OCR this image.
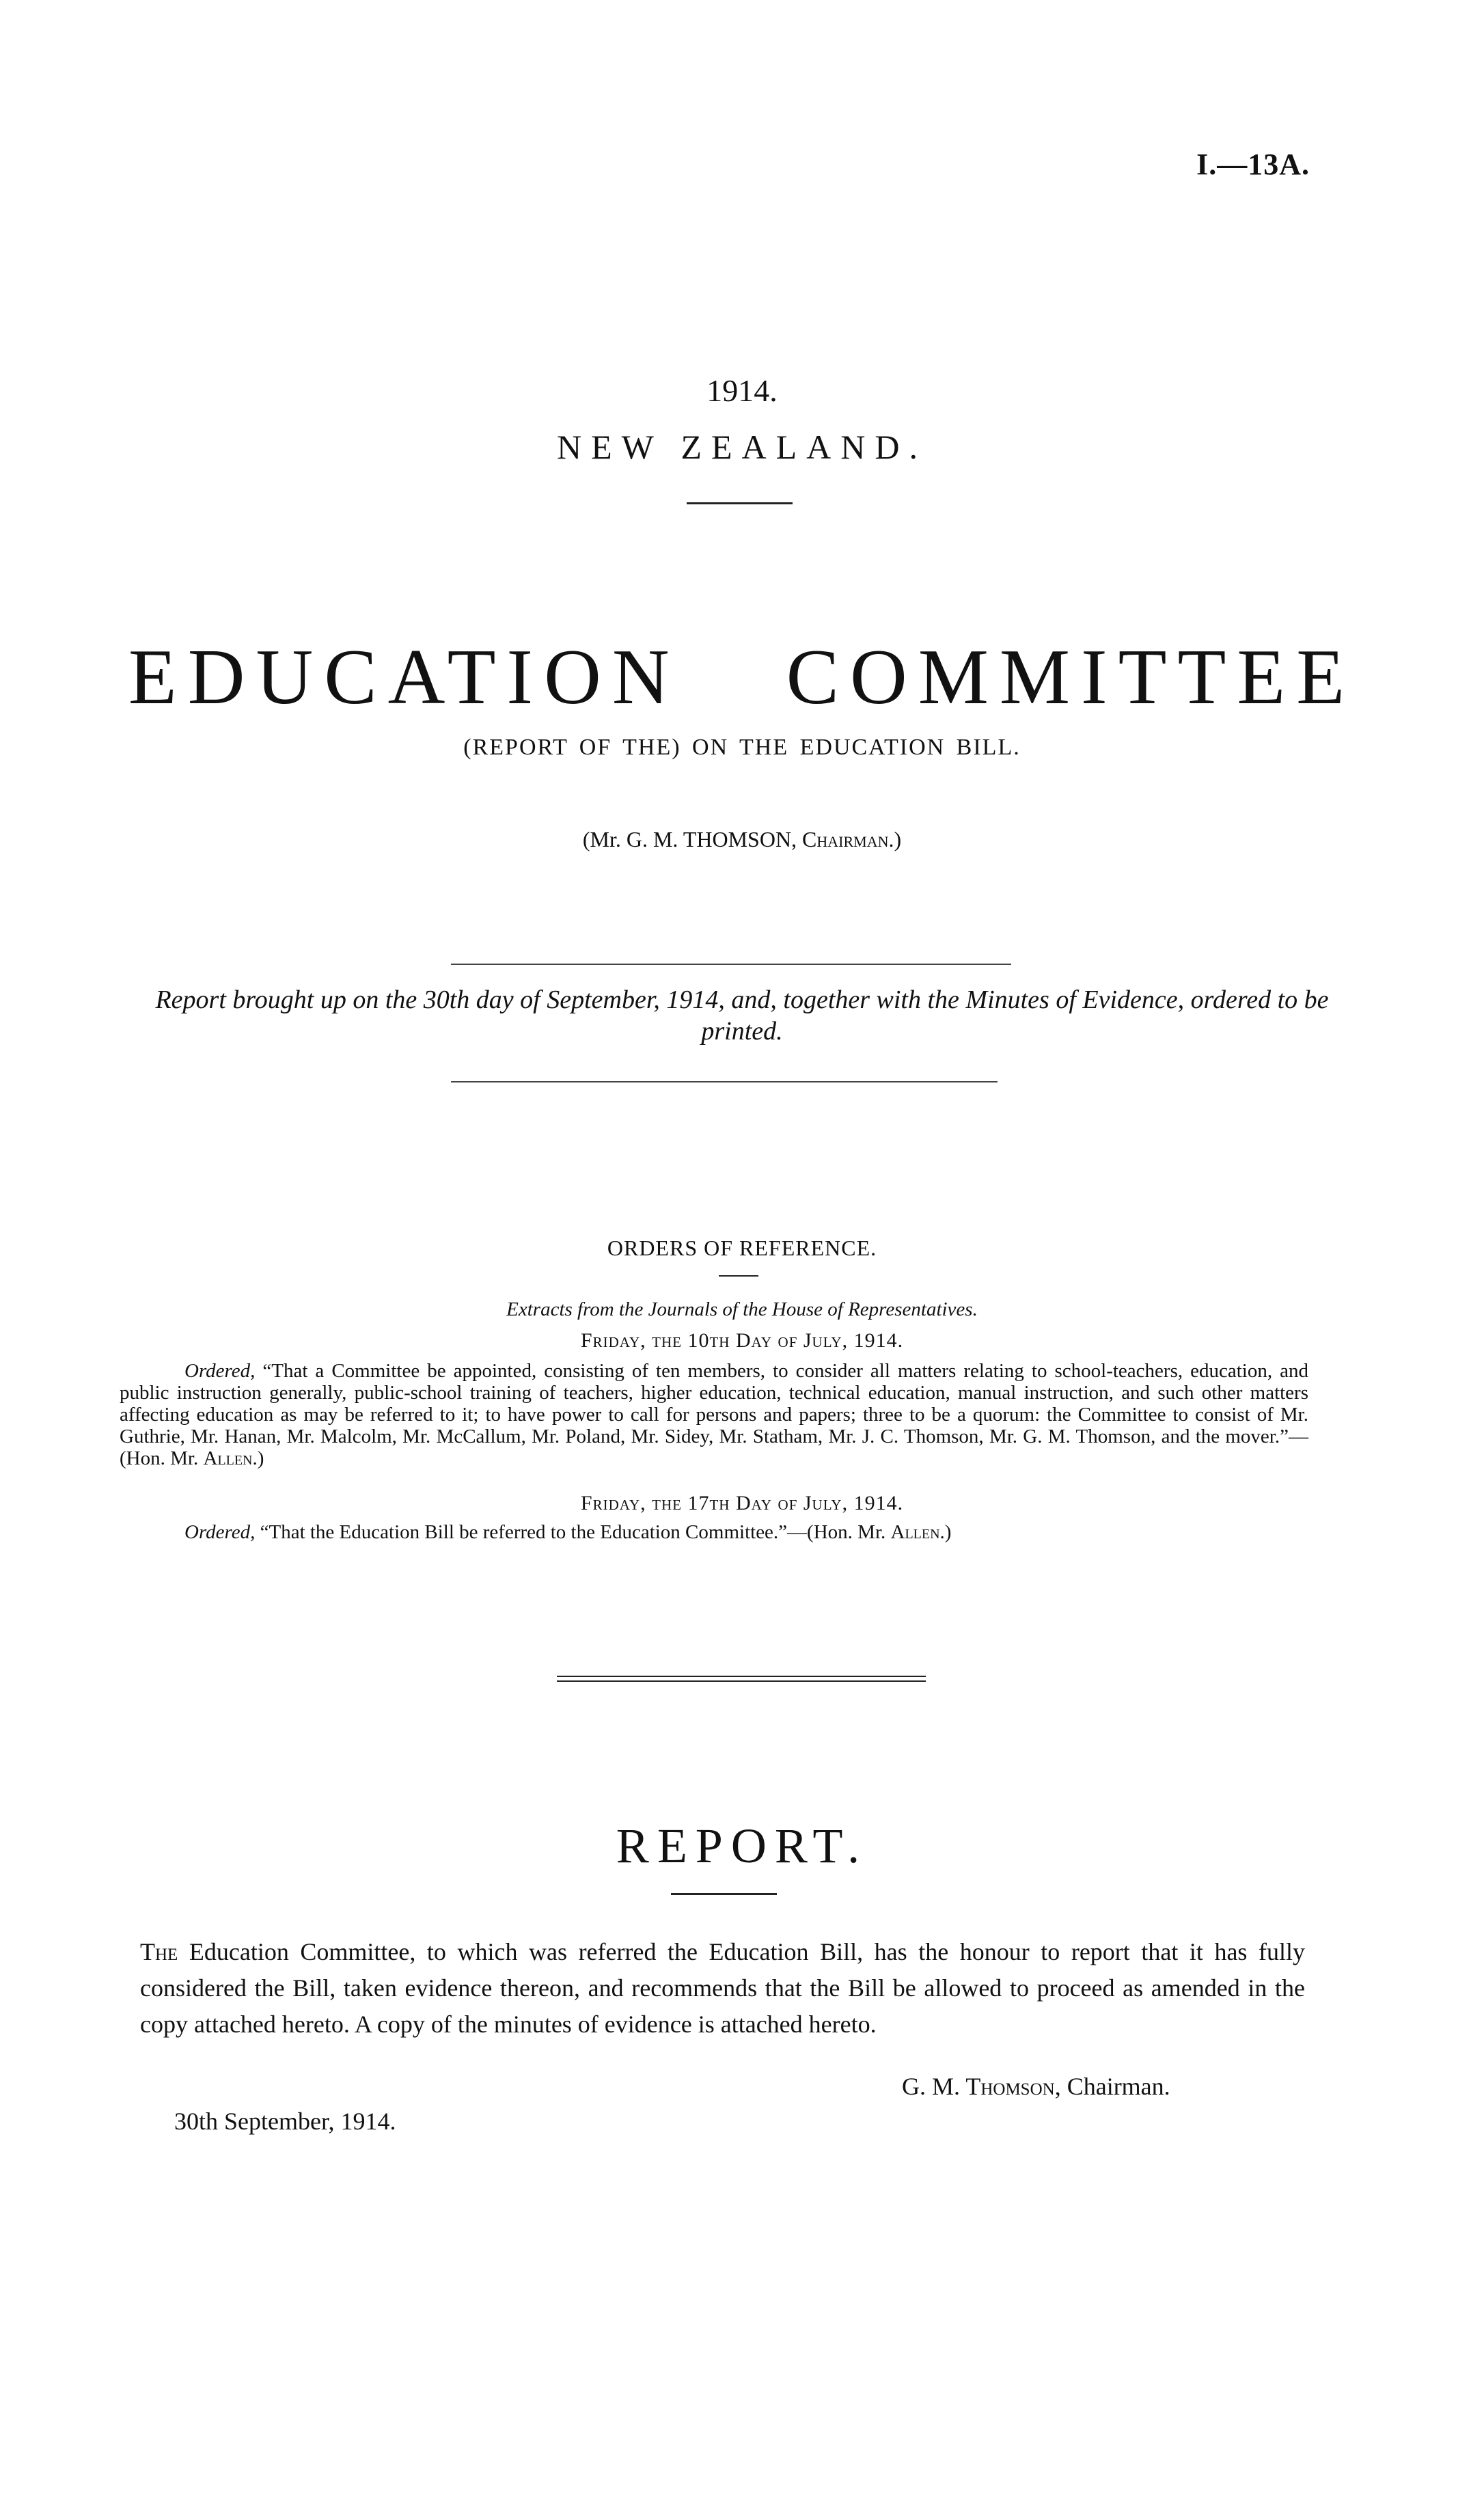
I.—13A.
1914.
NEW ZEALAND.
EDUCATION COMMITTEE
(REPORT OF THE) ON THE EDUCATION BILL.
(Mr. G. M. THOMSON, Chairman.)
Report brought up on the 30th day of September, 1914, and, together with the Minutes of Evidence, ordered to be printed.
ORDERS OF REFERENCE.
Extracts from the Journals of the House of Representatives.
Friday, the 10th Day of July, 1914.
Ordered, “That a Committee be appointed, consisting of ten members, to consider all matters relating to school-teachers, education, and public instruction generally, public-school training of teachers, higher education, technical education, manual instruction, and such other matters affecting education as may be referred to it; to have power to call for persons and papers; three to be a quorum: the Committee to consist of Mr. Guthrie, Mr. Hanan, Mr. Malcolm, Mr. McCallum, Mr. Poland, Mr. Sidey, Mr. Statham, Mr. J. C. Thomson, Mr. G. M. Thomson, and the mover.”—(Hon. Mr. Allen.)
Friday, the 17th Day of July, 1914.
Ordered, “That the Education Bill be referred to the Education Committee.”—(Hon. Mr. Allen.)
REPORT.
The Education Committee, to which was referred the Education Bill, has the honour to report that it has fully considered the Bill, taken evidence thereon, and recommends that the Bill be allowed to proceed as amended in the copy attached hereto. A copy of the minutes of evidence is attached hereto.
G. M. Thomson, Chairman.
30th September, 1914.
